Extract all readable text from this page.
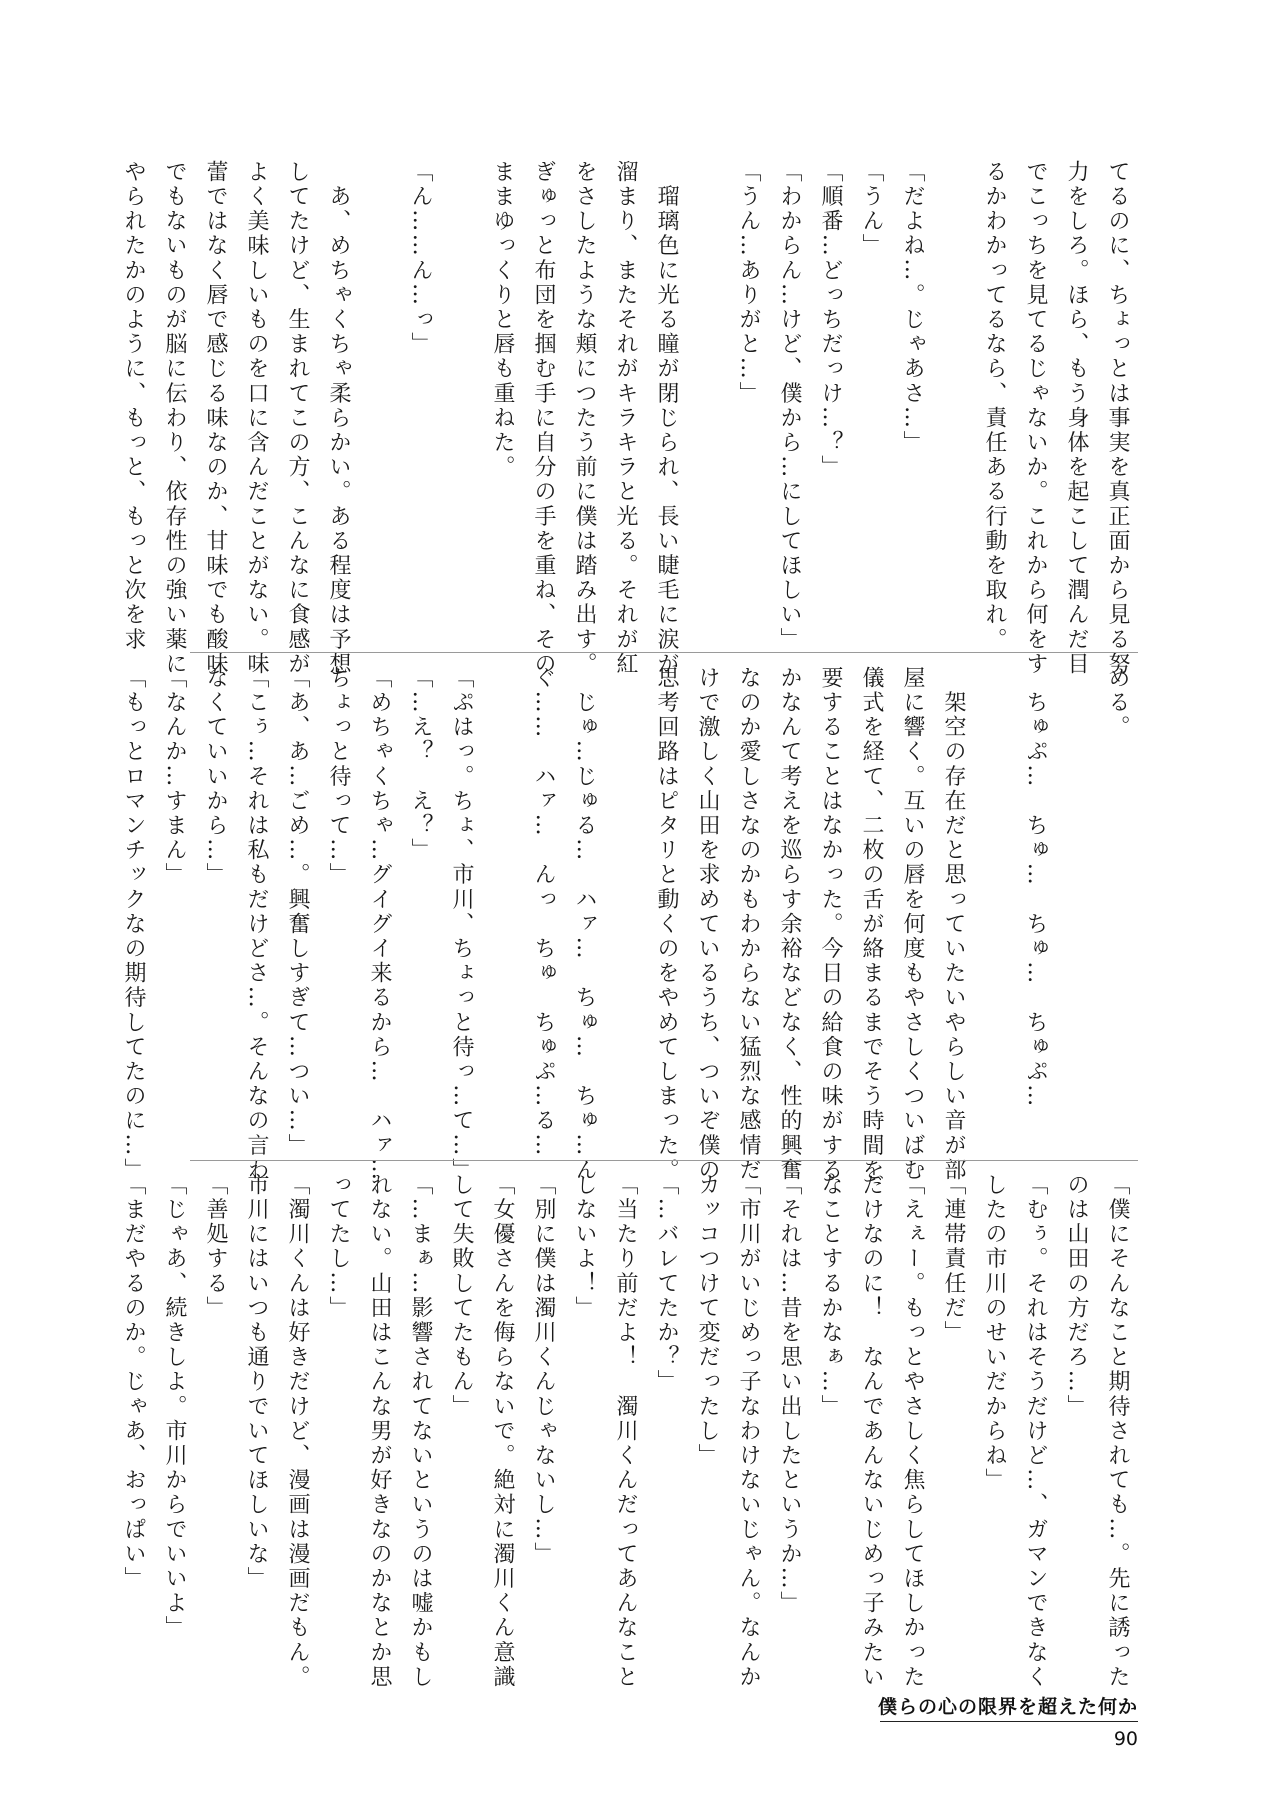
てるのに、ちょっとは事実を真正面から見る努

力をしろ。ほら、もう身体を起こして潤んだ目

でこっちを見てるじゃないか。これから何をす

るかわかってるなら、責任ある行動を取れ。

「だよね…。じゃあさ…」

「うん」

「順番…どっちだっけ…？」

「わからん…けど、僕から…にしてほしい」

「うん…ありがと…」

　瑠璃色に光る瞳が閉じられ、長い睫毛に涙が

溜まり、またそれがキラキラと光る。それが紅

をさしたような頬につたう前に僕は踏み出す。

ぎゅっと布団を掴む手に自分の手を重ね、その

ままゆっくりと唇も重ねた。

「ん……ん…っ」

　あ、めちゃくちゃ柔らかい。ある程度は予想

してたけど、生まれてこの方、こんなに食感が

よく美味しいものを口に含んだことがない。味

蕾ではなく唇で感じる味なのか、甘味でも酸味

でもないものが脳に伝わり、依存性の強い薬に

やられたかのように、もっと、もっと次を求

める。

　ちゅぷ…　ちゅ…　ちゅ…　ちゅぷ…

　架空の存在だと思っていたいやらしい音が部

屋に響く。互いの唇を何度もやさしくついばむ

儀式を経て、二枚の舌が絡まるまでそう時間を

要することはなかった。今日の給食の味がする

かなんて考えを巡らす余裕などなく、性的興奮

なのか愛しさなのかもわからない猛烈な感情だ

けで激しく山田を求めているうち、ついぞ僕の

思考回路はピタリと動くのをやめてしまった。

　じゅ…じゅる…　ハァ…　ちゅ…　ちゅ…ん

ぐ……　ハァ…　んっ　ちゅ　ちゅぷ…る…

「ぷはっ。ちょ、市川、ちょっと待っ…て…」

「…え？　え？」

「めちゃくちゃ…グイグイ来るから…　ハァ…

ちょっと待って…」

「あ、あ…ごめ…。興奮しすぎて…つい…」

「こぅ…それは私もだけどさ…。そんなの言わ

なくていいから…」

「なんか…すまん」

「もっとロマンチックなの期待してたのに…」

「僕にそんなこと期待されても…。先に誘った

のは山田の方だろ…」

「むぅ。それはそうだけど…、ガマンできなく

したの市川のせいだからね」

「連帯責任だ」

「えぇー。もっとやさしく焦らしてほしかった

だけなのに！　なんであんないじめっ子みたい

なことするかなぁ…」

「それは…昔を思い出したというか…」

「市川がいじめっ子なわけないじゃん。なんか

カッコつけて変だったし」

「…バレてたか？」

「当たり前だよ！　濁川くんだってあんなこと

しないよ！」

「別に僕は濁川くんじゃないし…」

「女優さんを侮らないで。絶対に濁川くん意識

して失敗してたもん」

「…まぁ…影響されてないというのは嘘かもし

れない。山田はこんな男が好きなのかなとか思

ってたし…」

「濁川くんは好きだけど、漫画は漫画だもん。

市川にはいつも通りでいてほしいな」

「善処する」

「じゃあ、続きしよ。市川からでいいよ」

「まだやるのか。じゃあ、おっぱい」

僕らの心の限界を超えた何か
90
